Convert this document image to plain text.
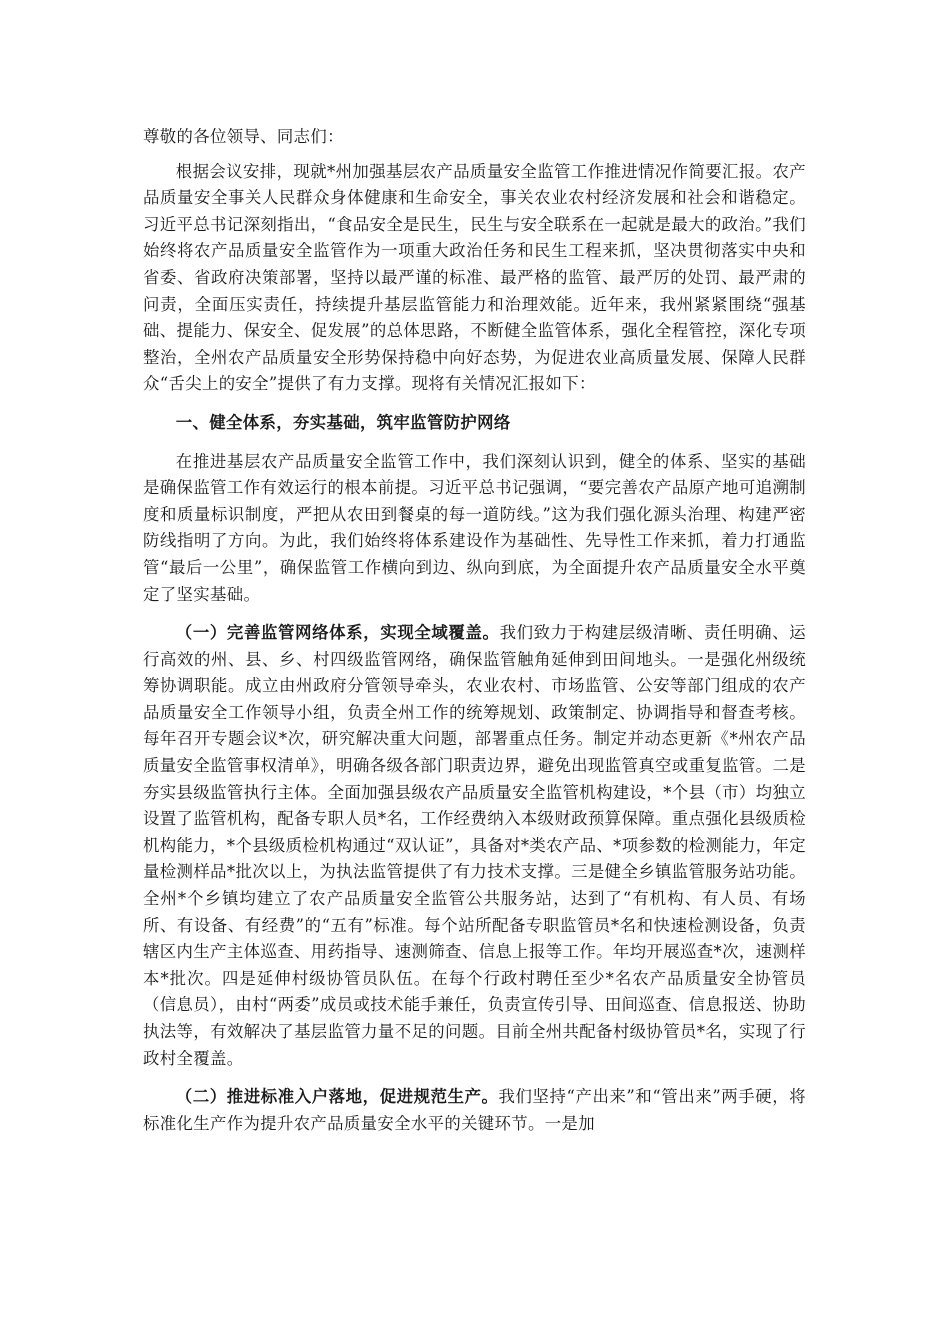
尊敬的各位领导、同志们：

根据会议安排，现就*州加强基层农产品质量安全监管工作推进情况作简要汇报。农产品质量安全事关人民群众身体健康和生命安全，事关农业农村经济发展和社会和谐稳定。习近平总书记深刻指出，“食品安全是民生，民生与安全联系在一起就是最大的政治。”我们始终将农产品质量安全监管作为一项重大政治任务和民生工程来抓，坚决贯彻落实中央和省委、省政府决策部署，坚持以最严谨的标准、最严格的监管、最严厉的处罚、最严肃的问责，全面压实责任，持续提升基层监管能力和治理效能。近年来，我州紧紧围绕“强基础、提能力、保安全、促发展”的总体思路，不断健全监管体系，强化全程管控，深化专项整治，全州农产品质量安全形势保持稳中向好态势，为促进农业高质量发展、保障人民群众“舌尖上的安全”提供了有力支撑。现将有关情况汇报如下：

一、健全体系，夯实基础，筑牢监管防护网络

在推进基层农产品质量安全监管工作中，我们深刻认识到，健全的体系、坚实的基础是确保监管工作有效运行的根本前提。习近平总书记强调，“要完善农产品原产地可追溯制度和质量标识制度，严把从农田到餐桌的每一道防线。”这为我们强化源头治理、构建严密防线指明了方向。为此，我们始终将体系建设作为基础性、先导性工作来抓，着力打通监管“最后一公里”，确保监管工作横向到边、纵向到底，为全面提升农产品质量安全水平奠定了坚实基础。

（一）完善监管网络体系，实现全域覆盖。我们致力于构建层级清晰、责任明确、运行高效的州、县、乡、村四级监管网络，确保监管触角延伸到田间地头。一是强化州级统筹协调职能。成立由州政府分管领导牵头，农业农村、市场监管、公安等部门组成的农产品质量安全工作领导小组，负责全州工作的统筹规划、政策制定、协调指导和督查考核。每年召开专题会议*次，研究解决重大问题，部署重点任务。制定并动态更新《*州农产品质量安全监管事权清单》，明确各级各部门职责边界，避免出现监管真空或重复监管。二是夯实县级监管执行主体。全面加强县级农产品质量安全监管机构建设，*个县（市）均独立设置了监管机构，配备专职人员*名，工作经费纳入本级财政预算保障。重点强化县级质检机构能力，*个县级质检机构通过“双认证”，具备对*类农产品、*项参数的检测能力，年定量检测样品*批次以上，为执法监管提供了有力技术支撑。三是健全乡镇监管服务站功能。全州*个乡镇均建立了农产品质量安全监管公共服务站，达到了“有机构、有人员、有场所、有设备、有经费”的“五有”标准。每个站所配备专职监管员*名和快速检测设备，负责辖区内生产主体巡查、用药指导、速测筛查、信息上报等工作。年均开展巡查*次，速测样本*批次。四是延伸村级协管员队伍。在每个行政村聘任至少*名农产品质量安全协管员（信息员），由村“两委”成员或技术能手兼任，负责宣传引导、田间巡查、信息报送、协助执法等，有效解决了基层监管力量不足的问题。目前全州共配备村级协管员*名，实现了行政村全覆盖。

（二）推进标准入户落地，促进规范生产。我们坚持“产出来”和“管出来”两手硬，将标准化生产作为提升农产品质量安全水平的关键环节。一是加
